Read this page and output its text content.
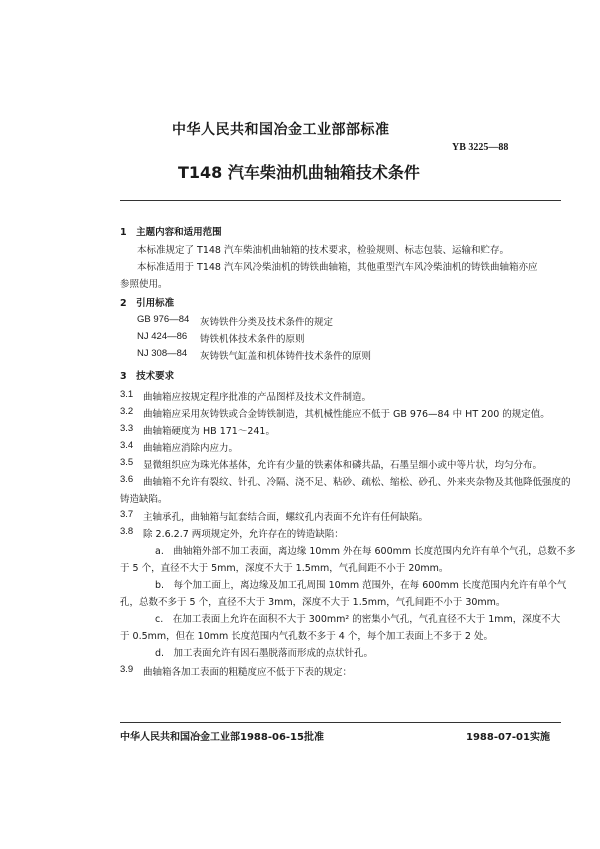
中华人民共和国冶金工业部部标准
YB 3225—88
T148 汽车柴油机曲轴箱技术条件
1　主题内容和适用范围
本标准规定了 T148 汽车柴油机曲轴箱的技术要求，检验规则、标志包装、运输和贮存。
本标准适用于 T148 汽车风冷柴油机的铸铁曲轴箱，其他重型汽车风冷柴油机的铸铁曲轴箱亦应
参照使用。
2　引用标准
GB 976—84 灰铸铁件分类及技术条件的规定
NJ 424—86 铸铁机体技术条件的原则
NJ 308—84 灰铸铁气缸盖和机体铸件技术条件的原则
3　技术要求
3.1 曲轴箱应按规定程序批准的产品图样及技术文件制造。
3.2 曲轴箱应采用灰铸铁或合金铸铁制造，其机械性能应不低于 GB 976—84 中 HT 200 的规定值。
3.3 曲轴箱硬度为 HB 171～241。
3.4 曲轴箱应消除内应力。
3.5 显微组织应为珠光体基体，允许有少量的铁素体和磷共晶，石墨呈细小或中等片状，均匀分布。
3.6 曲轴箱不允许有裂纹、针孔、冷隔、浇不足、粘砂、疏松、缩松、砂孔、外来夹杂物及其他降低强度的
铸造缺陷。
3.7 主轴承孔，曲轴箱与缸套结合面，螺纹孔内表面不允许有任何缺陷。
3.8 除 2.6.2.7 两项规定外，允许存在的铸造缺陷：
a.　曲轴箱外部不加工表面，离边缘 10mm 外在每 600mm 长度范围内允许有单个气孔，总数不多
于 5 个，直径不大于 5mm，深度不大于 1.5mm，气孔间距不小于 20mm。
b.　每个加工面上，离边缘及加工孔周围 10mm 范围外，在每 600mm 长度范围内允许有单个气
孔，总数不多于 5 个，直径不大于 3mm，深度不大于 1.5mm，气孔间距不小于 30mm。
c.　在加工表面上允许在面积不大于 300mm² 的密集小气孔，气孔直径不大于 1mm，深度不大
于 0.5mm，但在 10mm 长度范围内气孔数不多于 4 个，每个加工表面上不多于 2 处。
d.　加工表面允许有因石墨脱落而形成的点状针孔。
3.9 曲轴箱各加工表面的粗糙度应不低于下表的规定：
中华人民共和国冶金工业部1988-06-15批准	1988-07-01实施
